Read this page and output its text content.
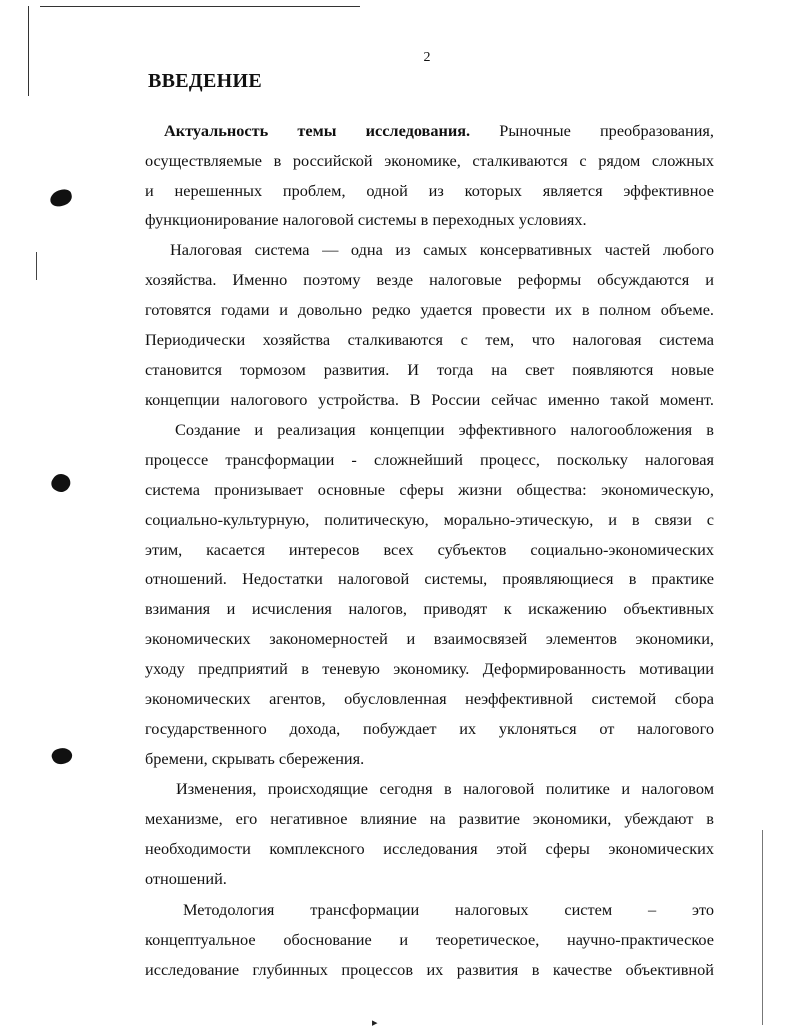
2
ВВЕДЕНИЕ
Актуальность темы исследования. Рыночные преобразования,
осуществляемые в российской экономике, сталкиваются с рядом сложных
и нерешенных проблем, одной из которых является эффективное
функционирование налоговой системы в переходных условиях.
Налоговая система — одна из самых консервативных частей любого
хозяйства. Именно поэтому везде налоговые реформы обсуждаются и
готовятся годами и довольно редко удается провести их в полном объеме.
Периодически хозяйства сталкиваются с тем, что налоговая система
становится тормозом развития. И тогда на свет появляются новые
концепции налогового устройства. В России сейчас именно такой момент.
Создание и реализация концепции эффективного налогообложения в
процессе трансформации - сложнейший процесс, поскольку налоговая
система пронизывает основные сферы жизни общества: экономическую,
социально-культурную, политическую, морально-этическую, и в связи с
этим, касается интересов всех субъектов социально-экономических
отношений. Недостатки налоговой системы, проявляющиеся в практике
взимания и исчисления налогов, приводят к искажению объективных
экономических закономерностей и взаимосвязей элементов экономики,
уходу предприятий в теневую экономику. Деформированность мотивации
экономических агентов, обусловленная неэффективной системой сбора
государственного дохода, побуждает их уклоняться от налогового
бремени, скрывать сбережения.
Изменения, происходящие сегодня в налоговой политике и налоговом
механизме, его негативное влияние на развитие экономики, убеждают в
необходимости комплексного исследования этой сферы экономических
отношений.
Методология трансформации налоговых систем – это
концептуальное обоснование и теоретическое, научно-практическое
исследование глубинных процессов их развития в качестве объективной
▸
